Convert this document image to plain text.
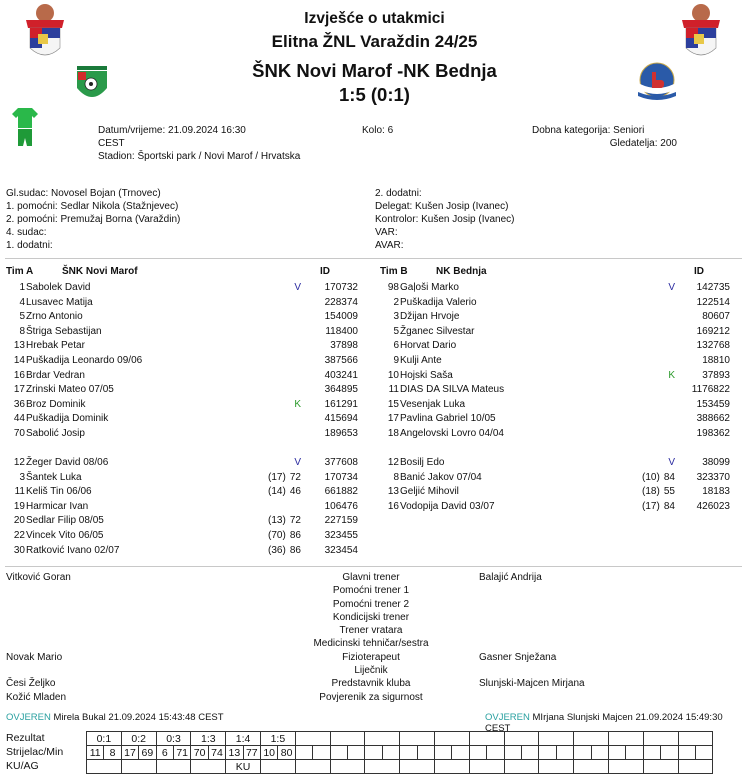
Izvješće o utakmici
Elitna ŽNL Varaždin 24/25
ŠNK Novi Marof -NK Bednja
1:5 (0:1)
Datum/vrijeme: 21.09.2024 16:30
CEST
Stadion: Športski park / Novi Marof / Hrvatska
Kolo: 6	Dobna kategorija: Seniori
Gledatelja: 200
Gl.sudac: Novosel Bojan (Trnovec)
1. pomoćni: Sedlar Nikola (Stažnjevec)
2. pomoćni: Premužaj Borna (Varaždin)
4. sudac:
1. dodatni:
2. dodatni:
Delegat: Kušen Josip (Ivanec)
Kontrolor: Kušen Josip (Ivanec)
VAR:
AVAR:
Tim A	ŠNK Novi Marof	ID
1 Sabolek David	V	170732
4 Lusavec Matija	228374
5 Zrno Antonio	154009
8 Štriga Sebastijan	118400
13 Hrebak Petar	37898
14 Puškadija Leonardo 09/06	387566
16 Brdar Vedran	403241
17 Zrinski Mateo 07/05	364895
36 Broz Dominik	K	161291
44 Puškadija Dominik	415694
70 Sabolić Josip	189653
12 Žeger David 08/06	V	377608
3 Šantek Luka	(17) 72	170734
11 Keliš Tin 06/06	(14) 46	661882
19 Harmicar Ivan	106476
20 Sedlar Filip 08/05	(13) 72	227159
22 Vincek Vito 06/05	(70) 86	323455
30 Ratković Ivano 02/07	(36) 86	323454
Tim B	NK Bednja	ID
98 Gaļoši Marko	V	142735
2 Puškadija Valerio	122514
3 Džijan Hrvoje	80607
5 Žganec Silvestar	169212
6 Horvat Dario	132768
9 Kulji Ante	18810
10 Hojski Saša	K	37893
11 DIAS DA SILVA Mateus	1176822
15 Vesenjak Luka	153459
17 Pavlina Gabriel 10/05	388662
18 Angelovski Lovro 04/04	198362
12 Bosilj Edo	V	38099
8 Banić Jakov 07/04	(10) 84	323370
13 Geljić Mihovil	(18) 55	18183
16 Vodopija David 03/07	(17) 84	426023
Vitković Goran	Glavni trener	Balajić Andrija
Pomoćni trener 1
Pomoćni trener 2
Kondicijski trener
Trener vratara
Medicinski tehničar/sestra
Novak Mario	Fizioterapeut	Gasner Snježana
Liječnik
Česi Željko	Predstavnik kluba	Slunjski-Majcen Mirjana
Kožić Mladen	Povjerenik za sigurnost
OVJEREN Mirela Bukal 21.09.2024 15:43:48 CEST	OVJEREN MIrjana Slunjski Majcen 21.09.2024 15:49:30 CEST
Rezultat
Strijelac/Min
KU/AG
0:1		0:2		0:3		1:3		1:4		1:5																									
11	8	17	69	6	71	70	74	13	77	10	80																								
								KU																											
